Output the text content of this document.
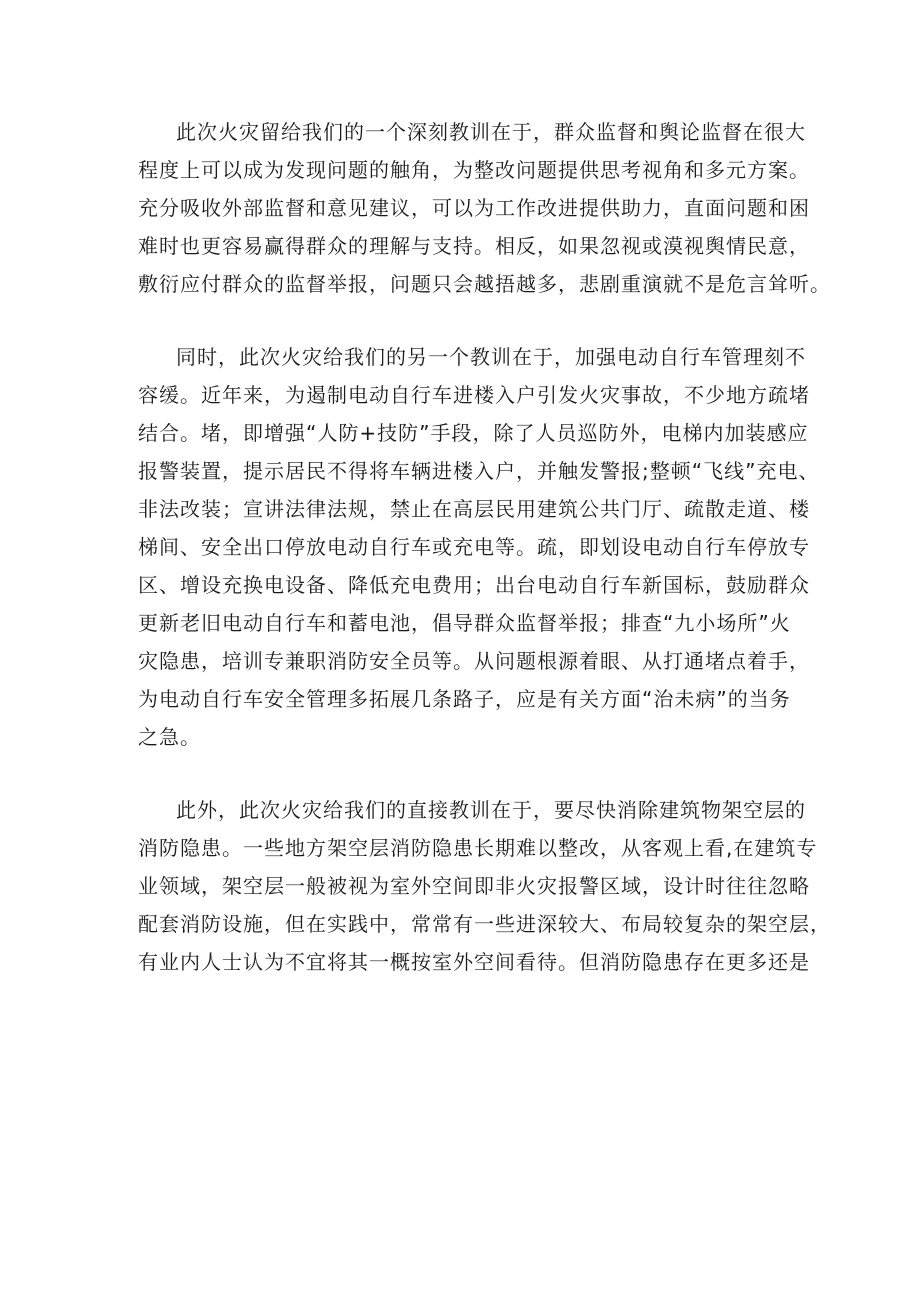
此次火灾留给我们的一个深刻教训在于，群众监督和舆论监督在很大
程度上可以成为发现问题的触角，为整改问题提供思考视角和多元方案。
充分吸收外部监督和意见建议，可以为工作改进提供助力，直面问题和困
难时也更容易赢得群众的理解与支持。相反，如果忽视或漠视舆情民意，
敷衍应付群众的监督举报，问题只会越捂越多，悲剧重演就不是危言耸听。

同时，此次火灾给我们的另一个教训在于，加强电动自行车管理刻不
容缓。近年来，为遏制电动自行车进楼入户引发火灾事故，不少地方疏堵
结合。堵，即增强“人防+技防”手段，除了人员巡防外，电梯内加装感应
报警装置，提示居民不得将车辆进楼入户，并触发警报;整顿“飞线”充电、
非法改装；宣讲法律法规，禁止在高层民用建筑公共门厅、疏散走道、楼
梯间、安全出口停放电动自行车或充电等。疏，即划设电动自行车停放专
区、增设充换电设备、降低充电费用；出台电动自行车新国标，鼓励群众
更新老旧电动自行车和蓄电池，倡导群众监督举报；排查“九小场所”火
灾隐患，培训专兼职消防安全员等。从问题根源着眼、从打通堵点着手，
为电动自行车安全管理多拓展几条路子，应是有关方面“治未病”的当务
之急。

此外，此次火灾给我们的直接教训在于，要尽快消除建筑物架空层的
消防隐患。一些地方架空层消防隐患长期难以整改，从客观上看,在建筑专
业领域，架空层一般被视为室外空间即非火灾报警区域，设计时往往忽略
配套消防设施，但在实践中，常常有一些进深较大、布局较复杂的架空层，
有业内人士认为不宜将其一概按室外空间看待。但消防隐患存在更多还是
